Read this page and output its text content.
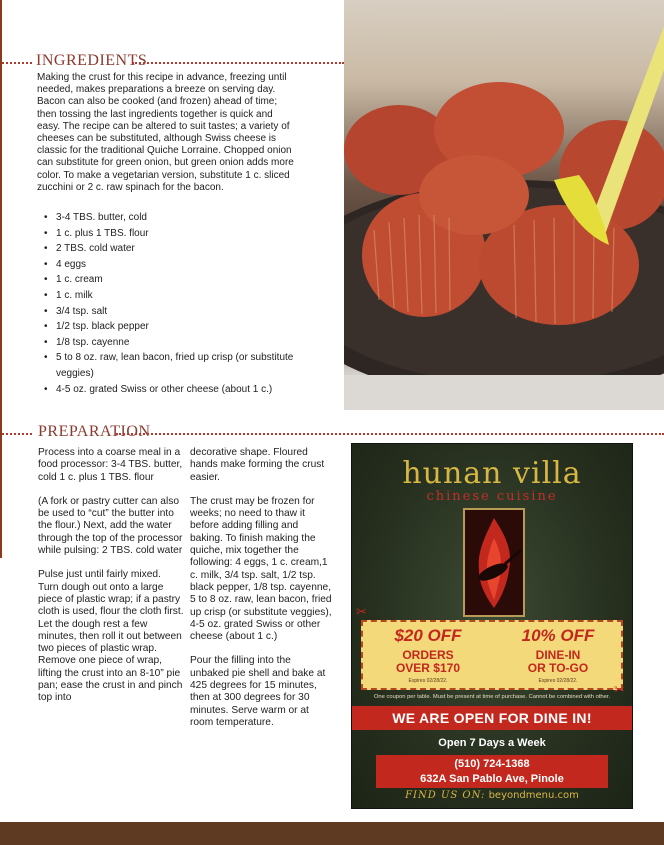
INGREDIENTS
Making the crust for this recipe in advance, freezing until needed, makes preparations a breeze on serving day. Bacon can also be cooked (and frozen) ahead of time; then tossing the last ingredients together is quick and easy. The recipe can be altered to suit tastes; a variety of cheeses can be substituted, although Swiss cheese is classic for the traditional Quiche Lorraine. Chopped onion can substitute for green onion, but green onion adds more color. To make a vegetarian version, substitute 1 c. sliced zucchini or 2 c. raw spinach for the bacon.
• 3-4 TBS. butter, cold
• 1 c. plus 1 TBS. flour
• 2 TBS. cold water
• 4 eggs
• 1 c. cream
• 1 c. milk
• 3/4 tsp. salt
• 1/2 tsp. black pepper
• 1/8 tsp. cayenne
• 5 to 8 oz. raw, lean bacon, fried up crisp (or substitute veggies)
• 4-5 oz. grated Swiss or other cheese (about 1 c.)
PREPARATION

Process into a coarse meal in a food processor: 3-4 TBS. butter, cold 1 c. plus 1 TBS. flour

(A fork or pastry cutter can also be used to “cut” the butter into the flour.) Next, add the water through the top of the processor while pulsing: 2 TBS. cold water

Pulse just until fairly mixed. Turn dough out onto a large piece of plastic wrap; if a pastry cloth is used, flour the cloth first. Let the dough rest a few minutes, then roll it out between two pieces of plastic wrap. Remove one piece of wrap, lifting the crust into an 8-10” pie pan; ease the crust in and pinch top into

decorative shape. Floured hands make forming the crust easier.

The crust may be frozen for weeks; no need to thaw it before adding filling and baking. To finish making the quiche, mix together the following: 4 eggs, 1 c. cream,1 c. milk, 3/4 tsp. salt, 1/2 tsp. black pepper, 1/8 tsp. cayenne, 5 to 8 oz. raw, lean bacon, fried up crisp (or substitute veggies), 4-5 oz. grated Swiss or other cheese (about 1 c.)

Pour the filling into the unbaked pie shell and bake at 425 degrees for 15 minutes, then at 300 degrees for 30 minutes. Serve warm or at room temperature.

hunan villa
chinese cuisine
$20 OFF
ORDERS
OVER $170
Expires 02/28/22.
10% OFF
DINE-IN
OR TO-GO
Expires 02/28/22.
✂
✂
One coupon per table. Must be present at time of purchase. Cannot be combined with other.
WE ARE OPEN FOR DINE IN!
Open 7 Days a Week
(510) 724-1368
632A San Pablo Ave, Pinole
FIND US ON: beyondmenu.com
